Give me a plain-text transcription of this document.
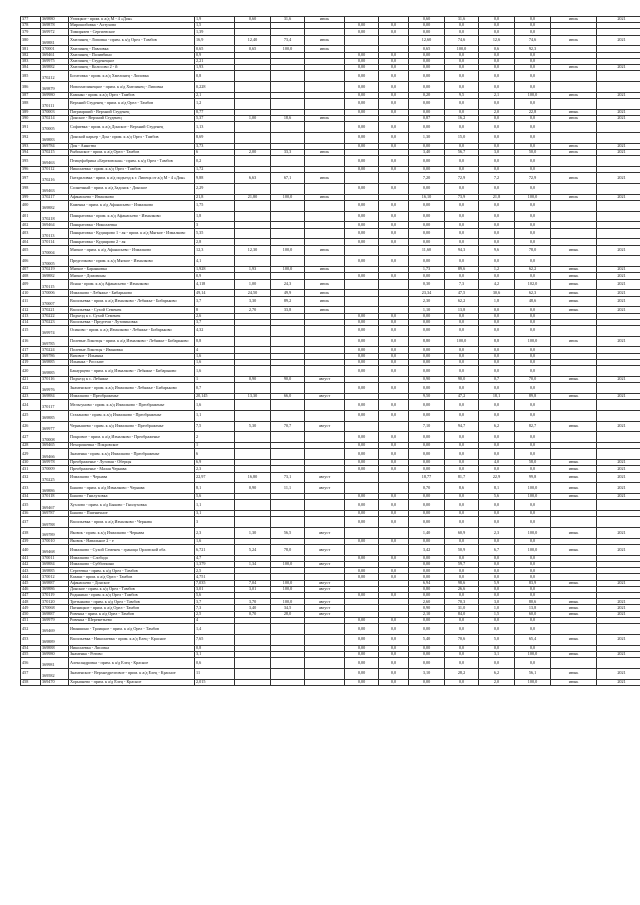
377	369880	Углицкое - прим. к а/д М - 4 «Дон»	1,9	0,60	31,6	июль			0,60	31,6	0,0	0,0	июль	2021
378	369878	Мирошибовка - Алтухово	1,5				0,00	0,0	0,00	0,0	0,0	0,0		
379	369972	Тимирязев - Сергиевское	1,39				0,00	0,0	0,00	0,0	0,0	0,0		
380	369881	Хмелинец - Липовка - прим. к а/д Орел - Тамбов	16,9	12,40	73,4	июль			12,60	74,6	12,6	74,6	июль	2021
381	370001	Хмелинец - Павловка	0,65	0,65	100,0	июль			0,65	100,0	0,6	92,3		
382	369461	Хмелинец - Поливбино	0,9				0,00	0,0	0,00	0,0	0,0	0,0		
383	369975	Хмелинец - Студенецкое	2,21				0,00	0,0	0,00	0,0	0,0	0,0		
384	369882	Хмелинец - Колосово 2 - й	1,93				0,00	0,0	0,00	0,0	0,0	0,0	июль	2021
385	370212	Богатовка - прим. к а/д Хмелинец - Липовка	0,8				0,00	0,0	0,00	0,0	0,0	0,0		
386	369879	Новохмелинецкое - прим. к а/д Хмелинец - Липовка	0,228				0,00	0,0	0,00	0,0	0,0	0,0		
387	369980	Казинко - прим. к а/д Орел - Тамбов	2,1				0,00	0,0	0,20	9,5	2,1	100,0	июль	2021
388	370111	Верхний Студенец - прим. к а/д Орел - Тамбов	1,2				0,00	0,0	0,00	0,0	0,0	0,0		
389	370003	Патриарший - Верхний Студенец	8,77				0,00	0,0	0,00	0,0	2,0	22,8	июнь	2021
390	370214	Донское - Верхний Студенец	5,37	1,00	18,6	июль			0,87	16,2	0,0	0,0	июль	2021
391	370005	Софиевка - прим. к а/д Донское - Верхний Студенец	1,13				0,00	0,0	0,00	0,0	0,0	0,0		
392	369883	Донской карьер - Дон - прим. к а/д Орел - Тамбов	8,69				0,00	0,0	1,30	15,0	0,0	0,0		
393	369784	Дон - Аннотва	3,73				0,00	0,0	0,00	0,0	0,0	0,0	июль	2021
394	370215	Рыбинское - прим. к а/д Орел - Тамбов	6	2,00	33,3	июль			3,40	56,7	3,0	50,0	июль	2021
395	369463	Птицефабрика «Березовская» - прим. к а/д Орел - Тамбов	0,2				0,00	0,0	0,00	0,0	0,0	0,0		
396	370112	Николаевка - прим. к а/д Орел - Тамбов	1,72				0,00	0,0	0,00	0,0	0,0	0,0		
397	370216	Гнездиловка - прим. к а/д подъезд к г. Липецк от а/д М - 4 «Дон»	9,88	6,63	67,1	июль			7,20	72,9	7,2	72,9	июль	2021
398	369463	Солнечный - прим. к а/д Задонск - Донское	2,29				0,00	0,0	0,00	0,0	0,0	0,0		
399	370217	Афанасьево - Измалково	21,8	21,80	100,0	июль			16,10	73,9	21,8	100,0	июль	2021
400	369882	Каменка - прим. к а/д Афанасьево - Измалково	1,75				0,00	0,0	0,00	0,0	0,0	0,0		
401	370218	Панкратовка - прим. к а/д Афанасьево - Измалково	1,8				0,00	0,0	0,00	0,0	0,0	0,0		
402	369464	Панкратовка - Николаевка	3				0,00	0,0	0,00	0,0	0,0	0,0		
403	370113	Панкратовка - Кудиярово 1 - ая - прим. к а/д Мягкое - Измалково	5,35				0,00	0,0	0,00	0,0	0,0	0,0		
404	370114	Панкратовка - Кудиярово 2 - ая	2,8				0,00	0,0	0,00	0,0	0,0	0,0		
405	370004	Мягкое - прим. к а/д Афанасьево - Измалково	12,3	12,30	100,0	июль			11,60	94,3	9,6	78,0	июнь	2021
406	370005	Предгочково - прим. к а/д Мягкое - Измалково	4,1				0,00	0,0	0,00	0,0	0,0	0,0		
407	370219	Мягкое - Баранковка	1,928	1,93	100,0	июль			1,73	89,6	1,2	62,2	июнь	2021
408	369882	Мягкое - Домовины	0,9				0,00	0,0	0,00	0,0	0,0	0,0	июнь	2021
409	370115	Ясная - прим. к а/д Афанасьево - Измалково	4,118	1,00	24,3	июль			0,30	7,3	4,2	102,0	июнь	2021
410	370006	Измалково - Лебяжье - Бибарьково	49,14	24,50	49,9	июль			23,34	47,5	30,6	62,3	июнь	2021
411	370007	Васильевка - прим. к а/д Измалково - Лебяжье - Бибарьково	3,7	3,30	89,2	июль			2,30	62,2	1,8	48,6	июнь	2021
412	370221	Васильевка - Сухой Семенек	8	2,70	33,8	июль			1,10	13,8	0,0	0,0	июнь	2021
413	370222	Подъезд к с. Сухой Семенек	2,6				0,00	0,0	0,00	0,0	0,0	0,0		
414	370223	Васильевка - Предтечи - Лутовиновка	3,7				0,00	0,0	0,00	0,0	0,0	0,0		
415	369974	Осиново - прим. к а/д Измалково - Лебяжье - Бибарьково	4,32				0,00	0,0	0,00	0,0	0,0	0,0		
416	369785	Полевые Локотцы - прим. к а/д Измалково - Лебяжье - Бибарьково	8,8				0,00	0,0	8,80	100,0	8,8	100,0	июль	2021
417	370224	Полевые Локотцы - Ивановка	4				0,00	0,0	0,00	0,0	0,0	0,0		
418	369786	Вязовое - Ильинка	1,6				0,00	0,0	0,00	0,0	0,0	0,0		
419	369885	Ильинка - Россыпт	1,6				0,00	0,0	0,00	0,0	0,0	0,0		
420	369885	Бакаурцево - прим. к а/д Измалково - Лебяжье - Бибарьково	1,6				0,00	0,0	0,00	0,0	0,0	0,0		
421	370116	Подъезд к с. Лебяжье	1	0,90	90,0	август			0,90	90,0	0,7	70,0	июнь	2021
422	369976	Знаменское - прим. к а/д Измалково - Лебяжье - Бибарьково	0,7				0,00	0,0	0,00	0,0	0,0	0,0		
423	369884	Измалково - Преображенье	20,145	13,30	66,0	август			9,50	47,2	18,1	89,8	июнь	2021
424	370117	Мельгуново - прим. к а/д Измалково - Преображенье	1,6				0,00	0,0	0,00	0,0	0,0	0,0		
425	369885	Стаханово - прим. к а/д Измалково - Преображенье	1,1				0,00	0,0	0,00	0,0	0,0	0,0		
426	369977	Чернышево - прим. к а/д Измалково - Преображенье	7,5	5,30	70,7	август			7,10	94,7	6,2	82,7	июнь	2021
427	370008	Покровое - прим. к а/д Измалково - Преображенье	2				0,00	0,0	0,00	0,0	0,0	0,0		
428	369465	Нехорошевка - Покровское	1				0,00	0,0	0,00	0,0	0,0	0,0		
429	369466	Знаменка - прим. к а/д Измалково - Преображенье	6				0,00	0,0	0,00	0,0	0,0	0,0		
430	369978	Преображенье - Лутовая - Оберцы	6,9				0,00	0,0	0,00	0,0	4,0	58,0	июнь	2021
431	370009	Преображенье - Малая Чернава	2,3				0,00	0,0	0,00	0,0	0,0	0,0	июнь	2021
432	370225	Измалково - Чернава	22,97	16,80	73,1	август			18,77	81,7	22,9	99,8	июнь	2021
433	369886	Быково - прим. к а/д Измалково - Чернава	8,1	0,90	11,1	август			0,70	8,6	8,1	100,0	июнь	2021
434	370118	Быково - Гнилуховка	5,6				0,00	0,0	0,00	0,0	5,6	100,0	июнь	2021
435	369467	Хухлово - прим. к а/д Быково - Гнилуховка	1,1				0,00	0,0	0,00	0,0	0,0	0,0		
436	369787	Быково - Пшеничное	3,1				0,00	0,0	0,00	0,0	0,0	0,0		
437	369788	Васильевка - прим. к а/д Измалково - Чернава	3				0,00	0,0	0,00	0,0	0,0	0,0		
438	369789	Яковок - прим. к а/д Измалково - Чернава	2,3	1,30	56,5	август			1,40	60,9	2,3	100,0	июнь	2021
439	370010	Яковок - Навальное 2 - е	1,6				0,00	0,0	0,00	0,0	0,0	0,0		
440	369468	Измалково - Сухой Семенек - граница Орловской обл.	6,721	5,24	78,0	август			3,42	50,9	6,7	100,0	июнь	2021
441	370011	Измалково - Слобода	4,7				0,00	0,0	0,00	0,0	0,0	0,0		
442	369884	Измалково - Субботкино	1,379	1,34	100,0	август			0,00	59,7	0,0	0,0		
443	369885	Сергеевка - прим. к а/д Орел - Тамбов	2,5				0,00	0,0	0,00	0,0	0,0	0,0		
444	370012	Казаки - прим. к а/д Орел - Тамбов	4,751				0,00	0,0	0,00	0,0	0,0	0,0		
445	369887	Афанасьево - Донское	7,035	7,04	100,0	август			6,94	98,6	5,9	83,9	июнь	2021
446	369886	Донское - прим. к а/д Орел - Тамбов	3,01	3,01	100,0	август			0,80	26,6	0,0	0,0		
447	370119	Родыкино - прим. к а/д Орел - Тамбов	5,6				0,00	0,0	0,00	0,0	0,0	0,0		
448	370120	Третьяково - прим. к а/д Орел - Тамбов	3,7	3,70	100,0	август			2,60	70,3	3,0	80,6	июнь	2021
449	370068	Пятницкое - прим. к а/д Орел - Тамбов	7,3	3,40	34,5	август			0,90	31,0	1,0	13,8	июнь	2021
450	369887	Ровенка - прим. к а/д Орел - Тамбов	2,5	0,70	28,0	август			2,10	84,0	1,5	60,0	июнь	2021
451	369979	Ровенка - Шереметьево	4				0,00	0,0	0,00	0,0	0,0	0,0		
452	369469	Иваншино - Троицкое - прим. к а/д Орел - Тамбов	1,4				0,00	0,0	0,00	0,0	0,0	0,0		
453	369889	Васильевка - Николаевка - прим. к а/д Елец - Красное	7,65				0,00	0,0	5,40	70,6	5,0	65,4	июнь	2021
454	369888	Николаевка - Лисовка	0,8				0,00	0,0	0,00	0,0	0,0	0,0		
455	369980	Знаменка - Ротово	3,1				0,00	0,0	0,00	0,0	3,1	100,0	июнь	2021
456	369981	Александровка - прим. к а/д Елец - Красное	0,6				0,00	0,0	0,00	0,0	0,0	0,0		
457	369582	Знаменское - Верхнедрезговое - прим. к а/д Елец - Красное	11				0,00	0,0	3,10	28,2	6,2	56,1	июнь	2021
458	369470	Хорыпнево - прим. к а/д Елец - Красное	2,015				0,00	0,0	0,00	0,0	2,0	100,0	июнь	2021
